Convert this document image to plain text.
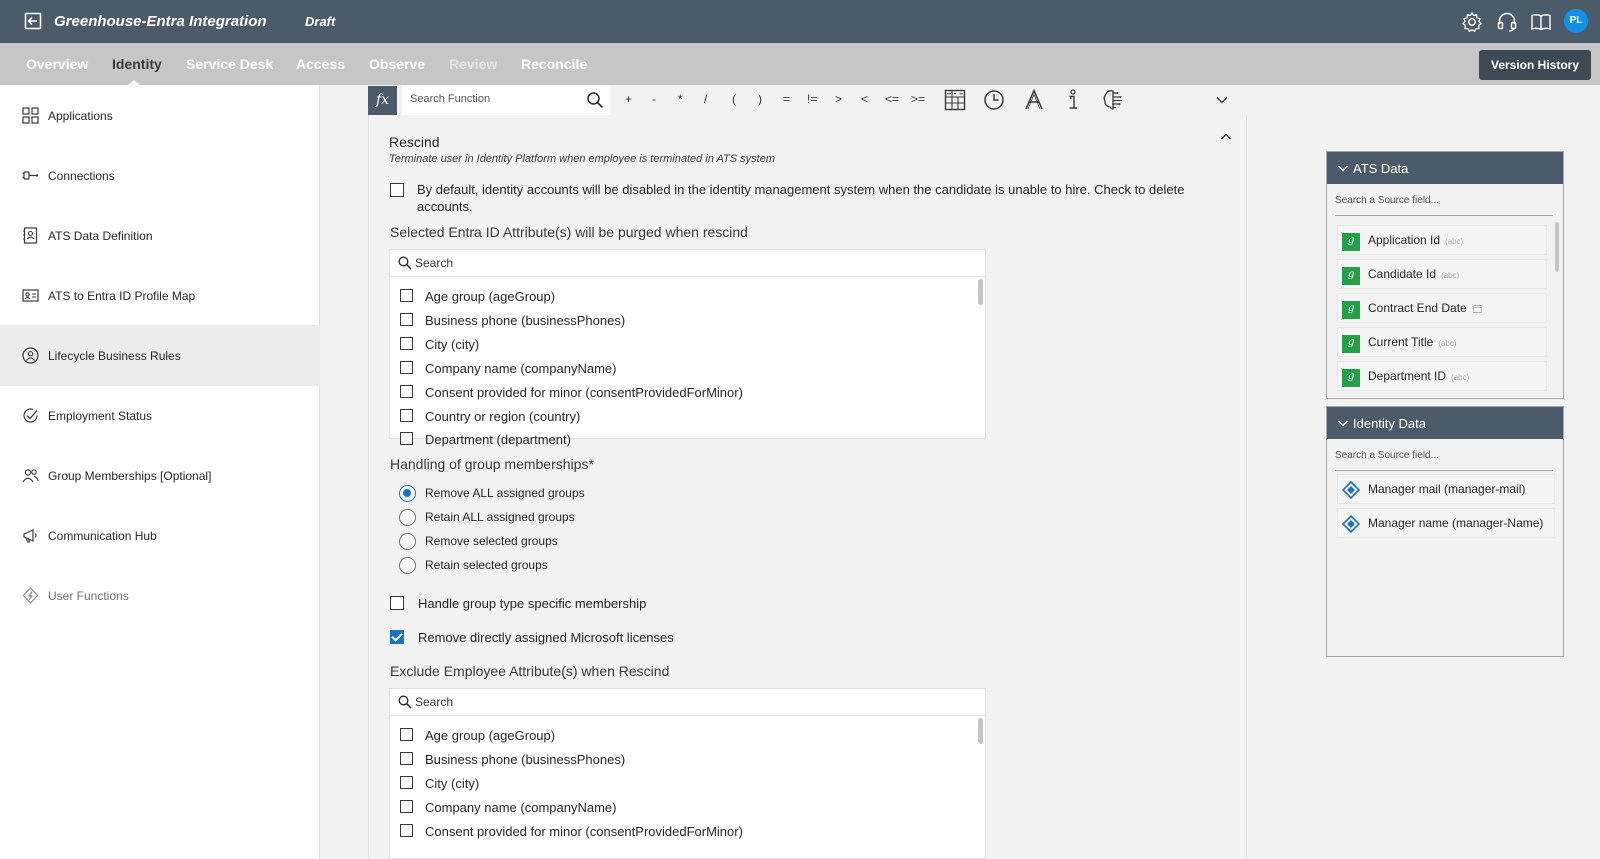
Greenhouse-Entra Integration	Draft	PL
Overview Identity Service Desk Access Observe Review Reconcile	Version History
Applications
Connections
ATS Data Definition
ATS to Entra ID Profile Map
Lifecycle Business Rules
Employment Status
Group Memberships [Optional]
Communication Hub
User Functions
fx
Search Function	+ - * / ( ) = != > < <= >=
Rescind
Terminate user in Identity Platform when employee is terminated in ATS system
By default, identity accounts will be disabled in the identity management system when the candidate is unable to hire. Check to delete
accounts.
Selected Entra ID Attribute(s) will be purged when rescind
Search
Age group (ageGroup)
Business phone (businessPhones)
City (city)
Company name (companyName)
Consent provided for minor (consentProvidedForMinor)
Country or region (country)
Department (department)
Handling of group memberships*
Remove ALL assigned groups
Retain ALL assigned groups
Remove selected groups
Retain selected groups
Handle group type specific membership
Remove directly assigned Microsoft licenses
Exclude Employee Attribute(s) when Rescind
Search
Age group (ageGroup)
Business phone (businessPhones)
City (city)
Company name (companyName)
Consent provided for minor (consentProvidedForMinor)
ATS Data
Search a Source field...
g Application Id (abc)
g Candidate Id (abc)
g Contract End Date
g Current Title (abc)
g Department ID (abc)
Identity Data
Search a Source field...
Manager mail (manager-mail)
Manager name (manager-Name)
